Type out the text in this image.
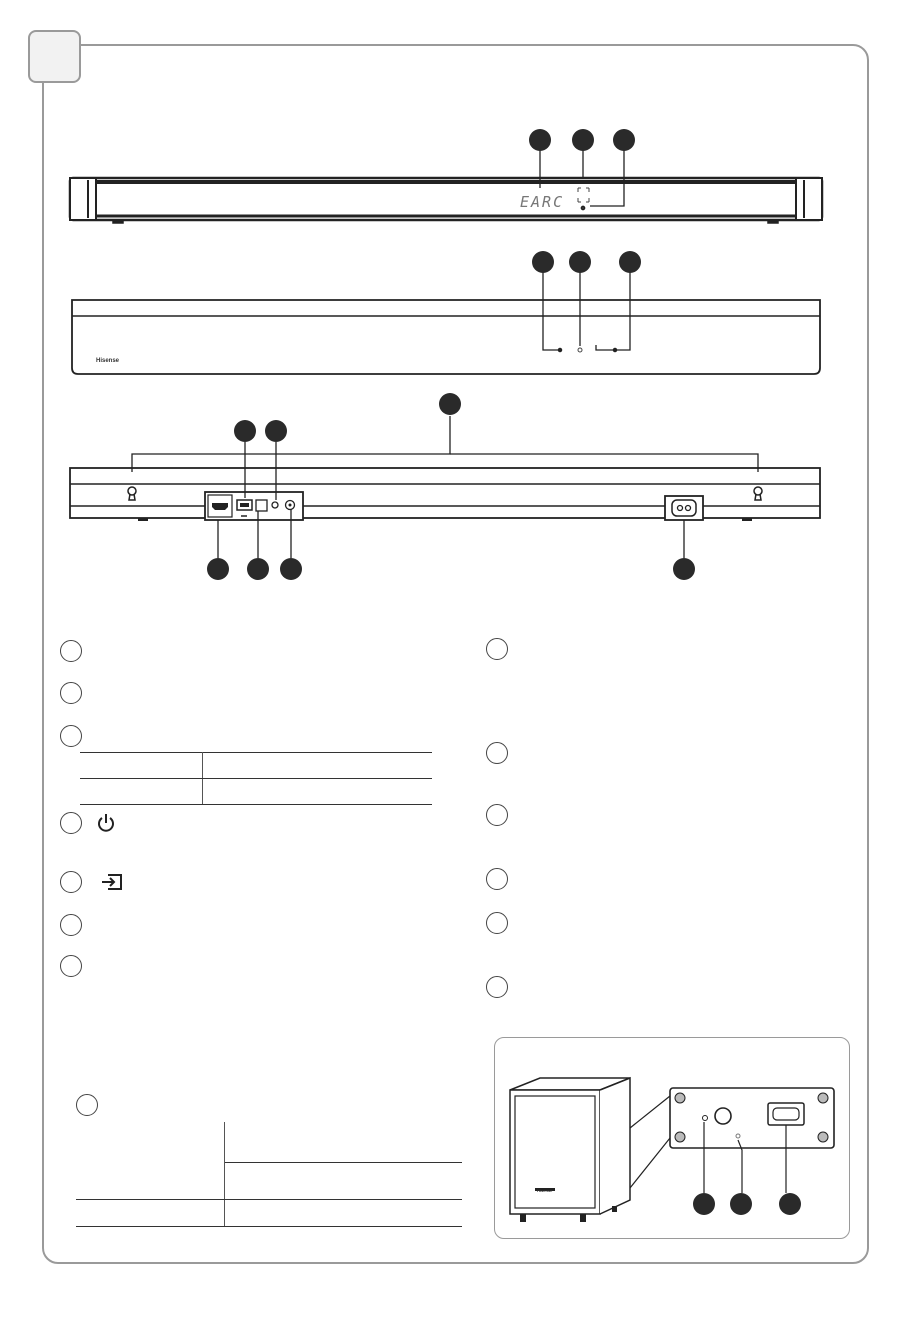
EARC
Hisense
Hisense
